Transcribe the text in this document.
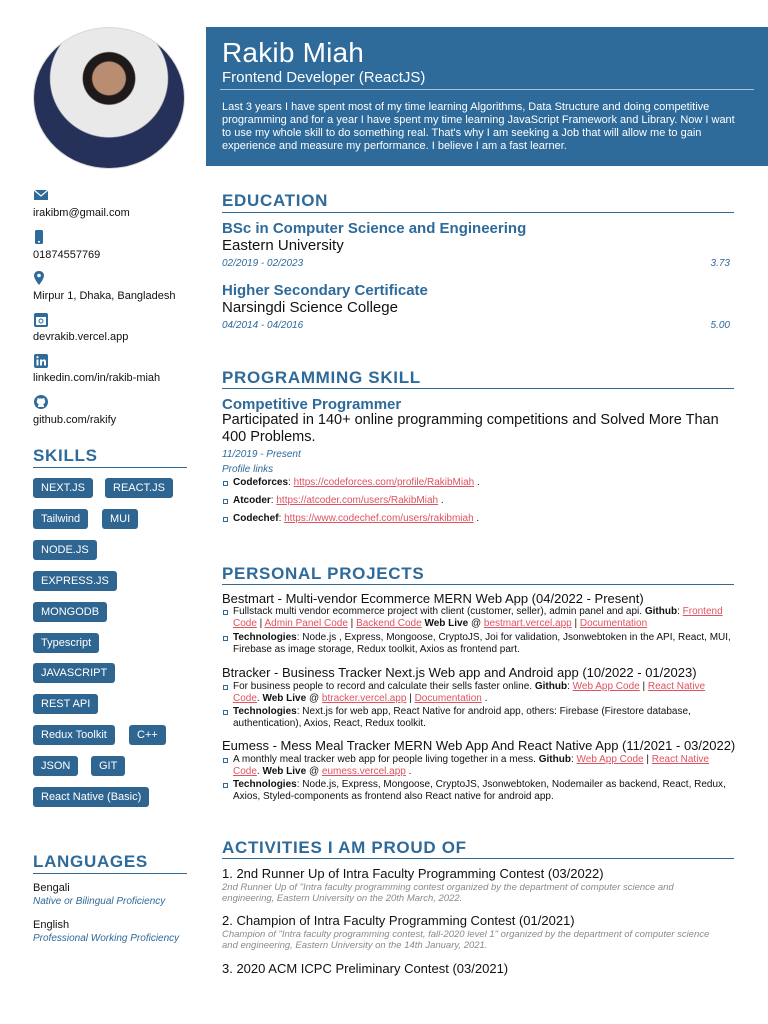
irakibm@gmail.com
01874557769
Mirpur 1, Dhaka, Bangladesh
devrakib.vercel.app
linkedin.com/in/rakib-miah
github.com/rakify
SKILLS
NEXT.JS	REACT.JS
Tailwind	MUI
NODE.JS
EXPRESS.JS
MONGODB
Typescript
JAVASCRIPT
REST API
Redux Toolkit	C++
JSON	GIT
React Native (Basic)
LANGUAGES
Bengali
Native or Bilingual Proficiency
English
Professional Working Proficiency
Rakib Miah
Frontend Developer (ReactJS)
Last 3 years I have spent most of my time learning Algorithms, Data Structure and doing competitive programming and for a year I have spent my time learning JavaScript Framework and Library. Now I want to use my whole skill to do something real. That's why I am seeking a Job that will allow me to gain experience and measure my performance. I believe I am a fast learner.
EDUCATION
BSc in Computer Science and Engineering
Eastern University
02/2019 - 02/2023	3.73
Higher Secondary Certificate
Narsingdi Science College
04/2014 - 04/2016	5.00
PROGRAMMING SKILL
Competitive Programmer
Participated in 140+ online programming competitions and Solved More Than 400 Problems.
11/2019 - Present
Profile links
Codeforces: https://codeforces.com/profile/RakibMiah .
Atcoder: https://atcoder.com/users/RakibMiah .
Codechef: https://www.codechef.com/users/rakibmiah .
PERSONAL PROJECTS
Bestmart - Multi-vendor Ecommerce MERN Web App (04/2022 - Present)
Fullstack multi vendor ecommerce project with client (customer, seller), admin panel and api. Github: Frontend Code | Admin Panel Code | Backend Code Web Live @ bestmart.vercel.app | Documentation
Technologies: Node.js , Express, Mongoose, CryptoJS, Joi for validation, Jsonwebtoken in the API, React, MUI, Firebase as image storage, Redux toolkit, Axios as frontend part.
Btracker - Business Tracker Next.js Web app and Android app (10/2022 - 01/2023)
For business people to record and calculate their sells faster online. Github: Web App Code | React Native Code. Web Live @ btracker.vercel.app | Documentation .
Technologies: Next.js for web app, React Native for android app, others: Firebase (Firestore database, authentication), Axios, React, Redux toolkit.
Eumess - Mess Meal Tracker MERN Web App And React Native App (11/2021 - 03/2022)
A monthly meal tracker web app for people living together in a mess. Github: Web App Code | React Native Code. Web Live @ eumess.vercel.app .
Technologies: Node.js, Express, Mongoose, CryptoJS, Jsonwebtoken, Nodemailer as backend, React, Redux, Axios, Styled-components as frontend also React native for android app.
ACTIVITIES I AM PROUD OF
1. 2nd Runner Up of Intra Faculty Programming Contest (03/2022)
2nd Runner Up of "Intra faculty programming contest organized by the department of computer science and engineering, Eastern University on the 20th March, 2022.
2. Champion of Intra Faculty Programming Contest (01/2021)
Champion of "Intra faculty programming contest, fall-2020 level 1" organized by the department of computer science and engineering, Eastern University on the 14th January, 2021.
3. 2020 ACM ICPC Preliminary Contest (03/2021)
